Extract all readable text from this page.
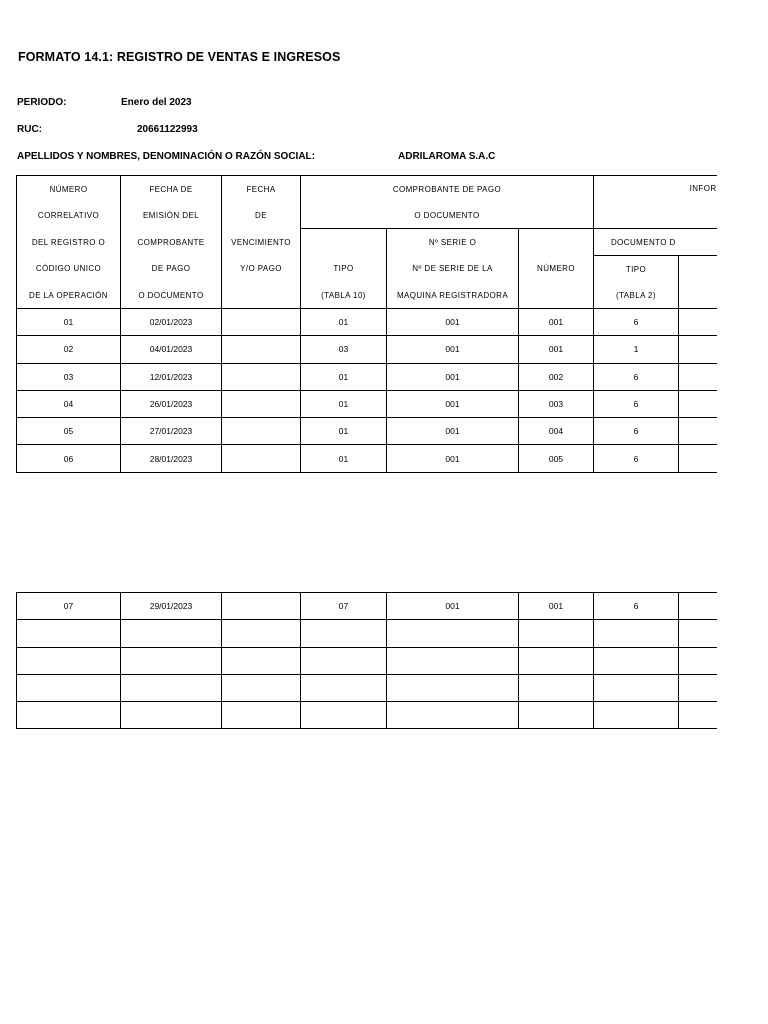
FORMATO 14.1: REGISTRO DE VENTAS E INGRESOS
PERIODO:	Enero del 2023
RUC:	20661122993
APELLIDOS Y NOMBRES, DENOMINACIÓN O RAZÓN SOCIAL:	ADRILAROMA S.A.C
NÚMERO	FECHA DE	FECHA	COMPROBANTE DE PAGO			INFOR	
CORRELATIVO	EMISIÓN DEL	DE	O DOCUMENTO				
DEL REGISTRO O	COMPROBANTE	VENCIMIENTO		Nº SERIE O		DOCUMENTO D	
CÓDIGO UNICO	DE PAGO	Y/O PAGO	TIPO	Nº DE SERIE DE LA	NÚMERO	TIPO	
DE LA OPERACIÓN	O DOCUMENTO		(TABLA 10)	MAQUINA REGISTRADORA		(TABLA 2)	
01	02/01/2023		01	001	001	6	
02	04/01/2023		03	001	001	1	
03	12/01/2023		01	001	002	6	
04	26/01/2023		01	001	003	6	
05	27/01/2023		01	001	004	6	
06	28/01/2023		01	001	005	6	
07	29/01/2023		07	001	001	6	
